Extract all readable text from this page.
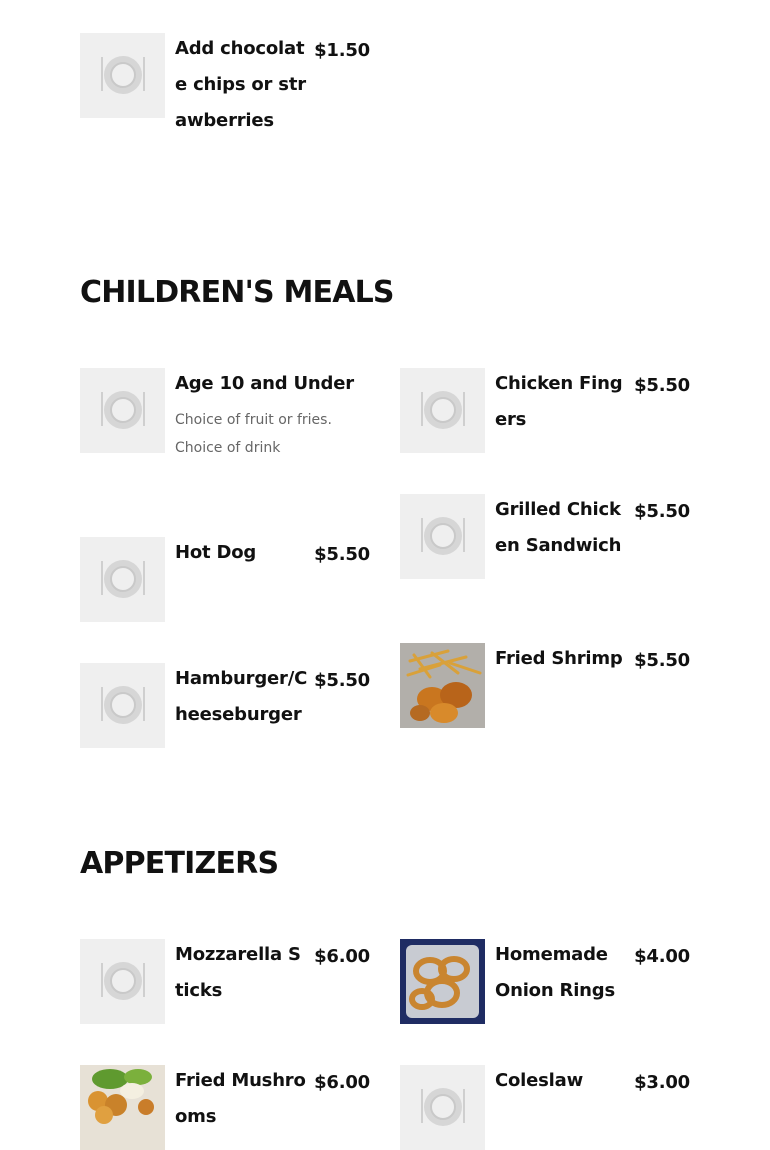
$1.50
Add chocolate chips or strawberries
CHILDREN'S MEALS
Age 10 and Under
Choice of fruit or fries. Choice of drink
$5.50
Hot Dog
$5.50
Hamburger/Cheeseburger
$5.50
Chicken Fingers
$5.50
Grilled Chicken Sandwich
$5.50
Fried Shrimp
APPETIZERS
$6.00
Mozzarella Sticks
$4.00
Homemade Onion Rings
$6.00
Fried Mushrooms
$3.00
Coleslaw
